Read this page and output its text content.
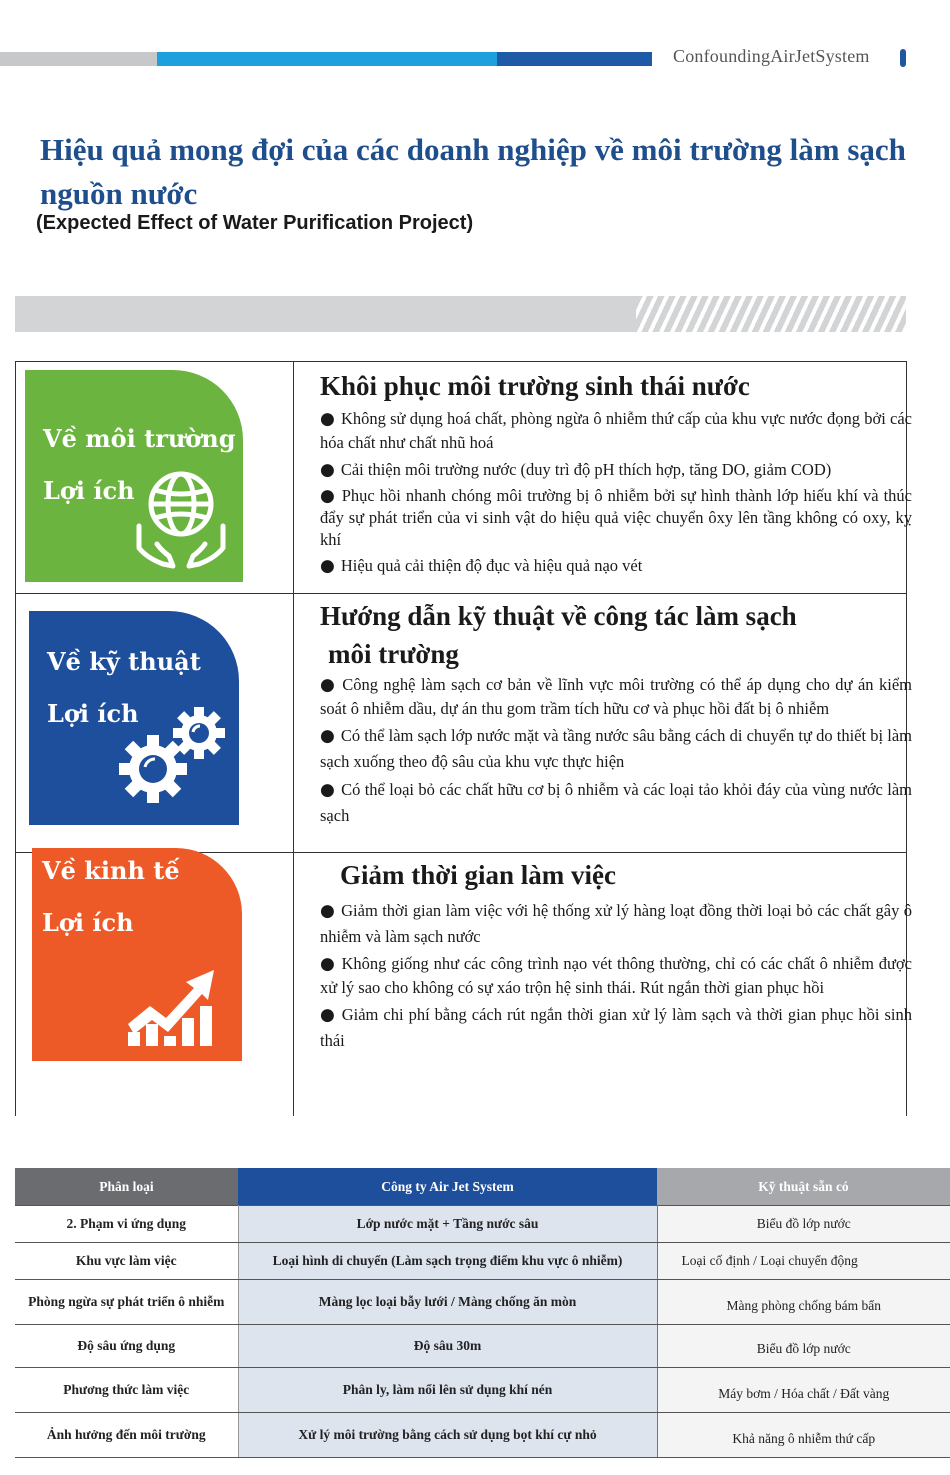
ConfoundingAirJetSystem
Hiệu quả mong đợi của các doanh nghiệp về môi trường làm sạch nguồn nước
(Expected Effect of Water Purification Project)
Về môi trường
Lợi ích
Khôi phục môi trường sinh thái nước
● Không sử dụng hoá chất, phòng ngừa ô nhiễm thứ cấp của khu vực nước đọng bởi các hóa chất như chất nhũ hoá
● Cải thiện môi trường nước (duy trì độ pH thích hợp, tăng DO, giảm COD)
● Phục hồi nhanh chóng môi trường bị ô nhiễm bởi sự hình thành lớp hiếu khí và thúc đẩy sự phát triển của vi sinh vật do hiệu quả việc chuyển ôxy lên tầng không có oxy, kỵ khí
● Hiệu quả cải thiện độ đục và hiệu quả nạo vét
Về kỹ thuật
Lợi ích
Hướng dẫn kỹ thuật về công tác làm sạch
môi trường
● Công nghệ làm sạch cơ bản về lĩnh vực môi trường có thể áp dụng cho dự án kiểm soát ô nhiễm dầu, dự án thu gom trầm tích hữu cơ và phục hồi đất bị ô nhiễm
● Có thể làm sạch lớp nước mặt và tầng nước sâu bằng cách di chuyển tự do thiết bị làm sạch xuống theo độ sâu của khu vực thực hiện
● Có thể loại bỏ các chất hữu cơ bị ô nhiễm và các loại tảo khỏi đáy của vùng nước làm sạch
Về kinh tế
Lợi ích
Giảm thời gian làm việc
● Giảm thời gian làm việc với hệ thống xử lý hàng loạt đồng thời loại bỏ các chất gây ô nhiễm và làm sạch nước
● Không giống như các công trình nạo vét thông thường, chỉ có các chất ô nhiễm được xử lý sao cho không có sự xáo trộn hệ sinh thái. Rút ngắn thời gian phục hồi
● Giảm chi phí bằng cách rút ngắn thời gian xử lý làm sạch và thời gian phục hồi sinh thái
Phân loại	Công ty Air Jet System	Kỹ thuật sẵn có
2. Phạm vi ứng dụng	Lớp nước mặt + Tầng nước sâu	Biểu đồ lớp nước
Khu vực làm việc	Loại hình di chuyển (Làm sạch trọng điểm khu vực ô nhiễm)	Loại cố định / Loại chuyển động
Phòng ngừa sự phát triển ô nhiễm	Màng lọc loại bẫy lưới / Màng chống ăn mòn	Màng phòng chống bám bẩn
Độ sâu ứng dụng	Độ sâu 30m	Biểu đồ lớp nước
Phương thức làm việc	Phân ly, làm nổi lên sử dụng khí nén	Máy bơm / Hóa chất / Đất vàng
Ảnh hưởng đến môi trường	Xử lý môi trường bằng cách sử dụng bọt khí cự nhỏ	Khả năng ô nhiễm thứ cấp
